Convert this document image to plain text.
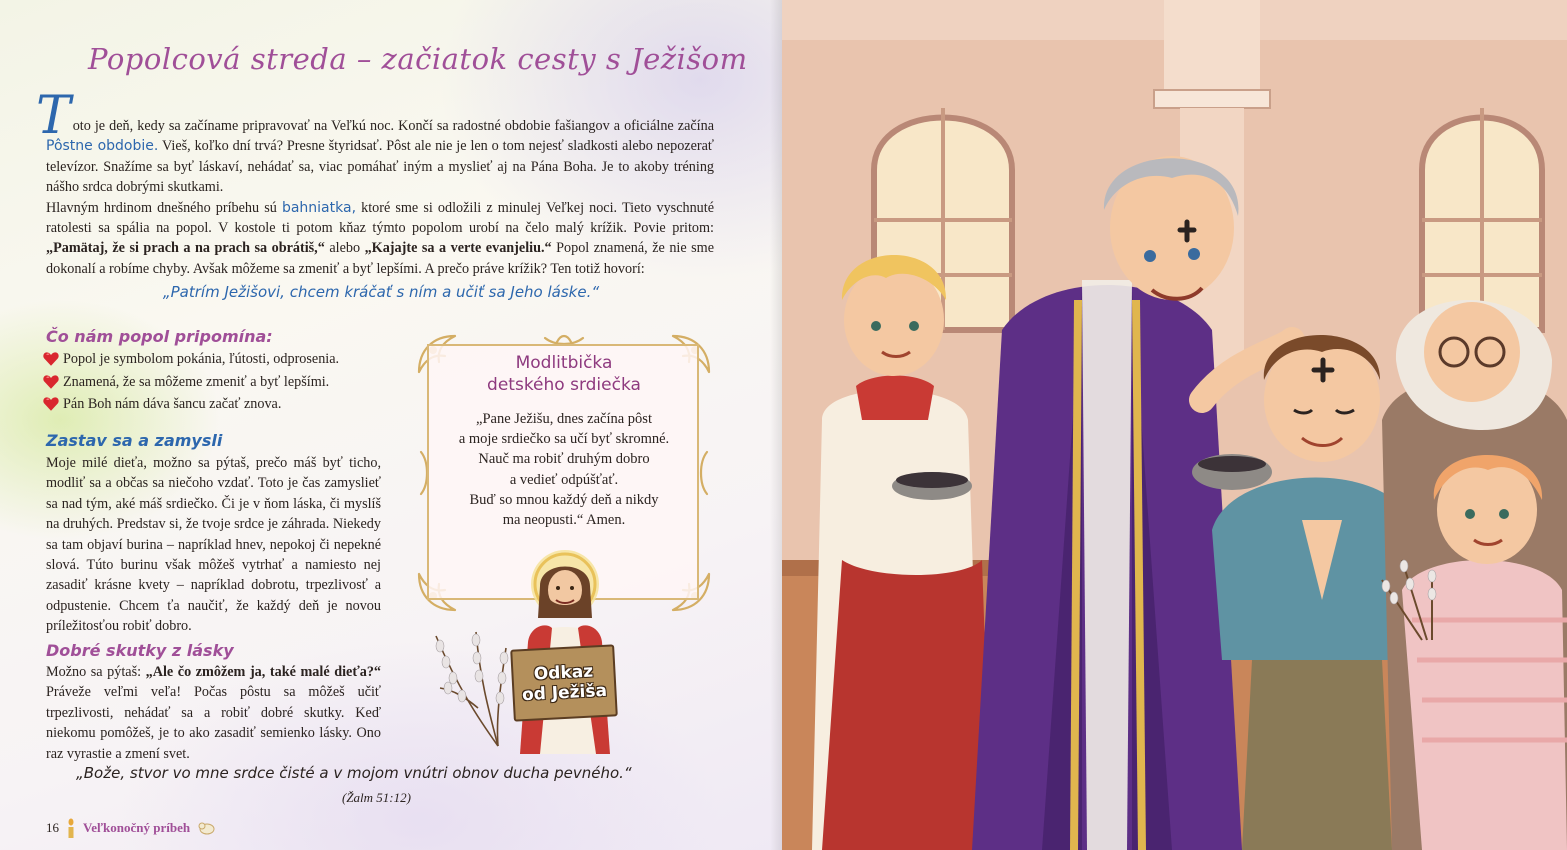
Popolcová streda – začiatok cesty s Ježišom

Toto je deň, kedy sa začíname pripravovať na Veľkú noc. Končí sa radostné obdobie fašiangov a oficiálne začína Pôstne obdobie. Vieš, koľko dní trvá? Presne štyridsať. Pôst ale nie je len o tom nejesť sladkosti alebo nepozerať televízor. Snažíme sa byť láskaví, nehádať sa, viac pomáhať iným a myslieť aj na Pána Boha. Je to akoby tréning nášho srdca dobrými skutkami.

Hlavným hrdinom dnešného príbehu sú bahniatka, ktoré sme si odložili z minulej Veľkej noci. Tieto vyschnuté ratolesti sa spália na popol. V kostole ti potom kňaz týmto popolom urobí na čelo malý krížik. Povie pritom: „Pamätaj, že si prach a na prach sa obrátiš,“ alebo „Kajajte sa a verte evanjeliu.“ Popol znamená, že nie sme dokonalí a robíme chyby. Avšak môžeme sa zmeniť a byť lepšími. A prečo práve krížik? Ten totiž hovorí:

„Patrím Ježišovi, chcem kráčať s ním a učiť sa Jeho láske.“
Čo nám popol pripomína:
Popol je symbolom pokánia, ľútosti, odprosenia.
Znamená, že sa môžeme zmeniť a byť lepšími.
Pán Boh nám dáva šancu začať znova.
Zastav sa a zamysli

Moje milé dieťa, možno sa pýtaš, prečo máš byť ticho, modliť sa a občas sa niečoho vzdať. Toto je čas zamyslieť sa nad tým, aké máš srdiečko. Či je v ňom láska, či myslíš na druhých. Predstav si, že tvoje srdce je záhrada. Niekedy sa tam objaví burina – napríklad hnev, nepokoj či nepekné slová. Túto burinu však môžeš vytrhať a namiesto nej zasadiť krásne kvety – napríklad dobrotu, trpezlivosť a odpustenie. Chcem ťa naučiť, že každý deň je novou príležitosťou robiť dobro.

Dobré skutky z lásky

Možno sa pýtaš: „Ale čo zmôžem ja, také malé dieťa?“ Práveže veľmi veľa! Počas pôstu sa môžeš učiť trpezlivosti, nehádať sa a robiť dobré skutky. Keď niekomu pomôžeš, je to ako zasadiť semienko lásky. Ono raz vyrastie a zmení svet.

Modlitbička
detského srdiečka
„Pane Ježišu, dnes začína pôst
a moje srdiečko sa učí byť skromné.
Nauč ma robiť druhým dobro
a vedieť odpúšťať.
Buď so mnou každý deň a nikdy
ma neopusti.“ Amen.
Odkaz
od Ježiša
„Bože, stvor vo mne srdce čisté a v mojom vnútri obnov ducha pevného.“
(Žalm 51:12)
16 Veľkonočný príbeh
